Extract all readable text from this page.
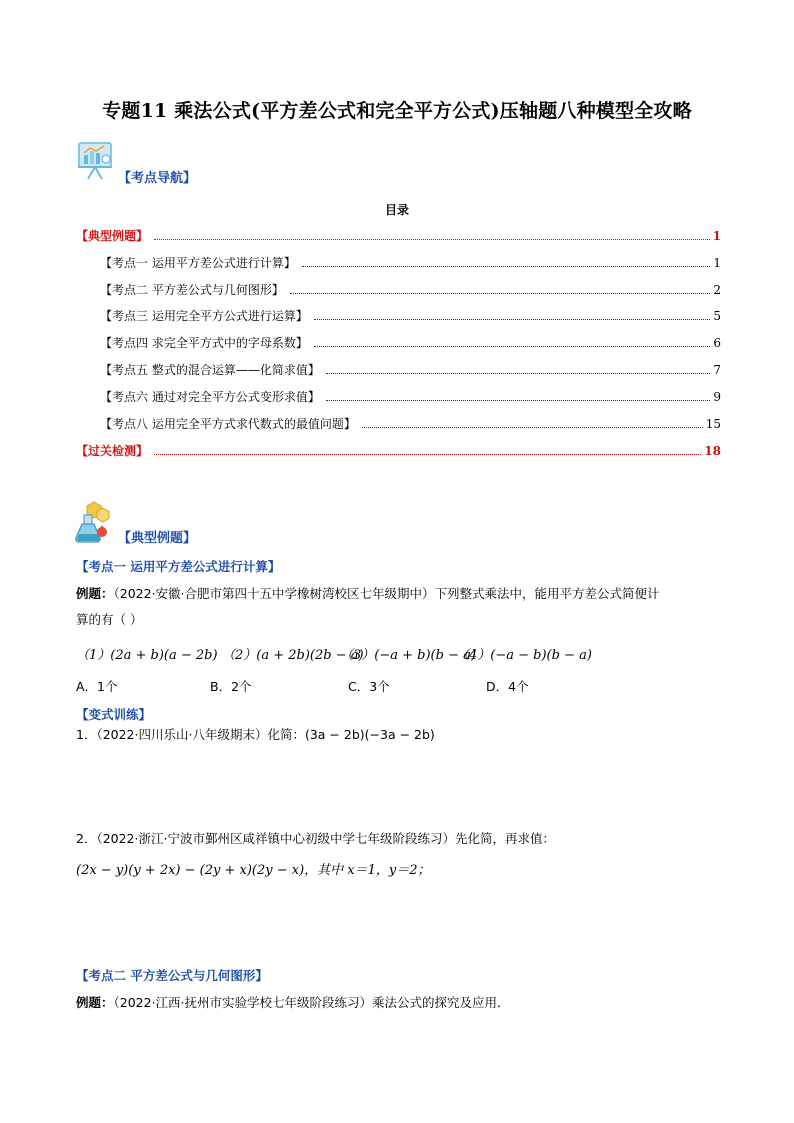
专题11 乘法公式(平方差公式和完全平方公式)压轴题八种模型全攻略
【考点导航】
目录
【典型例题】	1
【考点一 运用平方差公式进行计算】	1
【考点二 平方差公式与几何图形】	2
【考点三 运用完全平方公式进行运算】	5
【考点四 求完全平方式中的字母系数】	6
【考点五 整式的混合运算——化简求值】	7
【考点六 通过对完全平方公式变形求值】	9
【考点八 运用完全平方式求代数式的最值问题】	15
【过关检测】	18
【典型例题】
【考点一 运用平方差公式进行计算】
例题：（2022·安徽·合肥市第四十五中学橡树湾校区七年级期中）下列整式乘法中，能用平方差公式简便计
算的有（ ）
（1）(2a + b)(a − 2b) （2）(a + 2b)(2b − a)
（3）(−a + b)(b − a)
（4）(−a − b)(b − a)
A．1个	B．2个	C．3个	D．4个
【变式训练】
1．（2022·四川乐山·八年级期末）化简：(3a − 2b)(−3a − 2b)
2．（2022·浙江·宁波市鄞州区咸祥镇中心初级中学七年级阶段练习）先化简，再求值：
(2x − y)(y + 2x) − (2y + x)(2y − x)，其中 x＝1，y＝2；
【考点二 平方差公式与几何图形】
例题：（2022·江西·抚州市实验学校七年级阶段练习）乘法公式的探究及应用．
